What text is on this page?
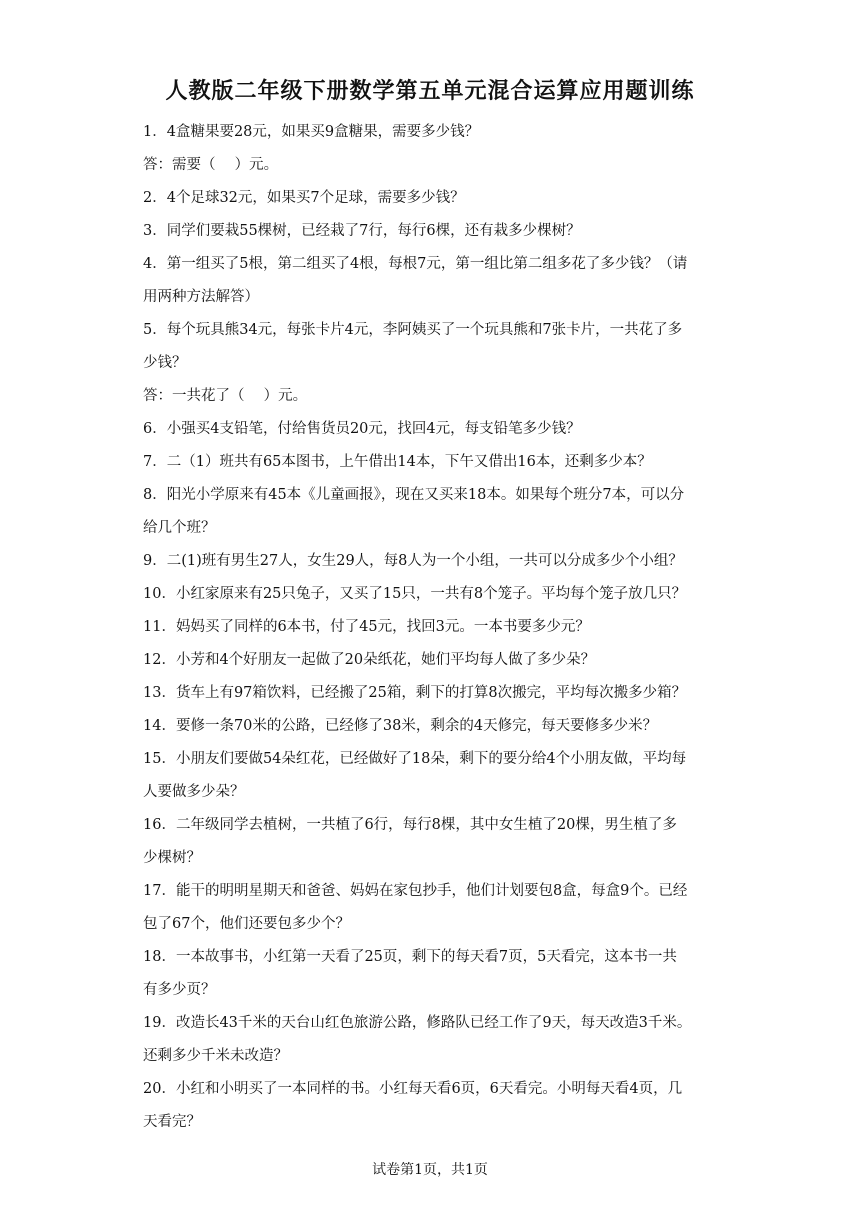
人教版二年级下册数学第五单元混合运算应用题训练
1．4盒糖果要28元，如果买9盒糖果，需要多少钱？
答：需要（　 ）元。
2．4个足球32元，如果买7个足球，需要多少钱？
3．同学们要栽55棵树，已经栽了7行，每行6棵，还有栽多少棵树？
4．第一组买了5根，第二组买了4根，每根7元，第一组比第二组多花了多少钱？（请
用两种方法解答）
5．每个玩具熊34元，每张卡片4元，李阿姨买了一个玩具熊和7张卡片，一共花了多
少钱？
答：一共花了（　 ）元。
6．小强买4支铅笔，付给售货员20元，找回4元，每支铅笔多少钱？
7．二（1）班共有65本图书，上午借出14本，下午又借出16本，还剩多少本？
8．阳光小学原来有45本《儿童画报》，现在又买来18本。如果每个班分7本，可以分
给几个班？
9．二(1)班有男生27人，女生29人，每8人为一个小组，一共可以分成多少个小组？
10．小红家原来有25只兔子，又买了15只，一共有8个笼子。平均每个笼子放几只？
11．妈妈买了同样的6本书，付了45元，找回3元。一本书要多少元？
12．小芳和4个好朋友一起做了20朵纸花，她们平均每人做了多少朵？
13．货车上有97箱饮料，已经搬了25箱，剩下的打算8次搬完，平均每次搬多少箱？
14．要修一条70米的公路，已经修了38米，剩余的4天修完，每天要修多少米？
15．小朋友们要做54朵红花，已经做好了18朵，剩下的要分给4个小朋友做，平均每
人要做多少朵？
16．二年级同学去植树，一共植了6行，每行8棵，其中女生植了20棵，男生植了多
少棵树？
17．能干的明明星期天和爸爸、妈妈在家包抄手，他们计划要包8盒，每盒9个。已经
包了67个，他们还要包多少个？
18．一本故事书，小红第一天看了25页，剩下的每天看7页，5天看完，这本书一共
有多少页？
19．改造长43千米的天台山红色旅游公路，修路队已经工作了9天，每天改造3千米。
还剩多少千米未改造？
20．小红和小明买了一本同样的书。小红每天看6页，6天看完。小明每天看4页，几
天看完？
试卷第1页，共1页
